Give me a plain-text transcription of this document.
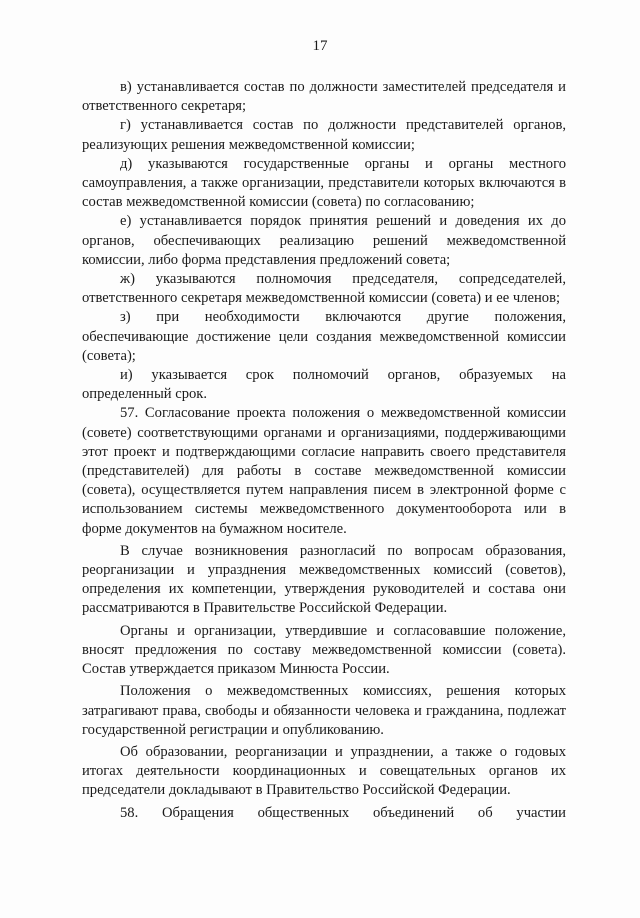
17

в) устанавливается состав по должности заместителей председателя и ответственного секретаря;

г) устанавливается состав по должности представителей органов, реализующих решения межведомственной комиссии;

д) указываются государственные органы и органы местного самоуправления, а также организации, представители которых включаются в состав межведомственной комиссии (совета) по согласованию;

е) устанавливается порядок принятия решений и доведения их до органов, обеспечивающих реализацию решений межведомственной комиссии, либо форма представления предложений совета;

ж) указываются полномочия председателя, сопредседателей, ответственного секретаря межведомственной комиссии (совета) и ее членов;

з) при необходимости включаются другие положения, обеспечивающие достижение цели создания межведомственной комиссии (совета);

и) указывается срок полномочий органов, образуемых на определенный срок.

57. Согласование проекта положения о межведомственной комиссии (совете) соответствующими органами и организациями, поддерживающими этот проект и подтверждающими согласие направить своего представителя (представителей) для работы в составе межведомственной комиссии (совета), осуществляется путем направления писем в электронной форме с использованием системы межведомственного документооборота или в форме документов на бумажном носителе.

В случае возникновения разногласий по вопросам образования, реорганизации и упразднения межведомственных комиссий (советов), определения их компетенции, утверждения руководителей и состава они рассматриваются в Правительстве Российской Федерации.

Органы и организации, утвердившие и согласовавшие положение, вносят предложения по составу межведомственной комиссии (совета). Состав утверждается приказом Минюста России.

Положения о межведомственных комиссиях, решения которых затрагивают права, свободы и обязанности человека и гражданина, подлежат государственной регистрации и опубликованию.

Об образовании, реорганизации и упразднении, а также о годовых итогах деятельности координационных и совещательных органов их председатели докладывают в Правительство Российской Федерации.

58. Обращения общественных объединений об участии
